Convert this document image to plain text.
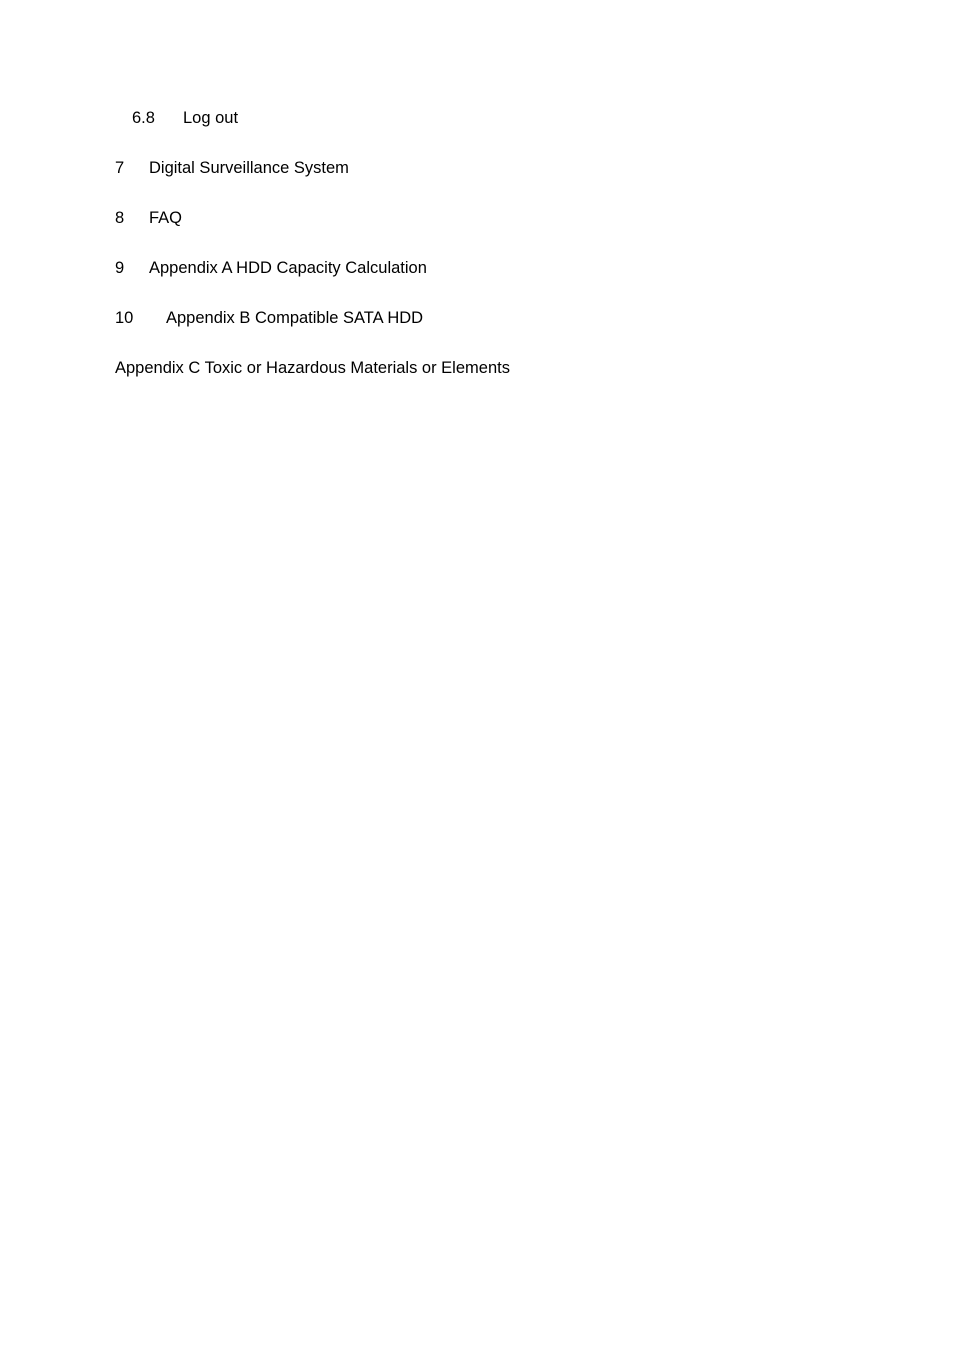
6.8 Log out
7 Digital Surveillance System
8 FAQ
9 Appendix A HDD Capacity Calculation
10 Appendix B Compatible SATA HDD
Appendix C Toxic or Hazardous Materials or Elements
